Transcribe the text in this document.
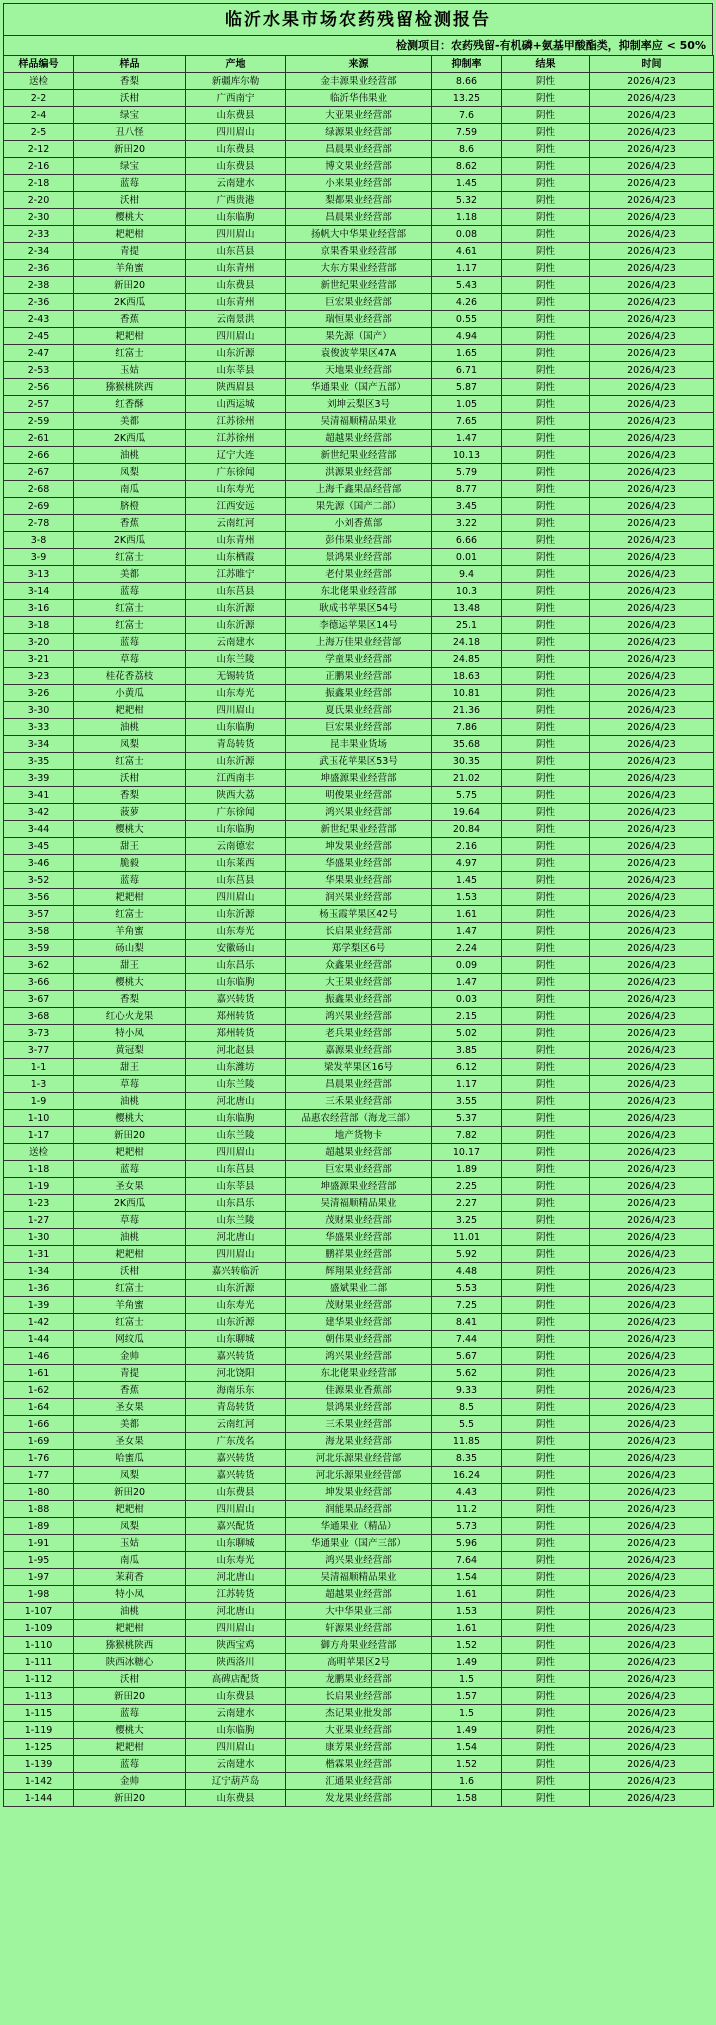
临沂水果市场农药残留检测报告
检测项目：农药残留-有机磷+氨基甲酸酯类，抑制率应 < 50%
样品编号	样品	产地	来源	抑制率	结果	时间
送检	香梨	新疆库尔勒	金丰源果业经营部	8.66	阴性	2026/4/23
2-2	沃柑	广西南宁	临沂华伟果业	13.25	阴性	2026/4/23
2-4	绿宝	山东费县	大亚果业经营部	7.6	阴性	2026/4/23
2-5	丑八怪	四川眉山	绿源果业经营部	7.59	阴性	2026/4/23
2-12	新田20	山东费县	昌晨果业经营部	8.6	阴性	2026/4/23
2-16	绿宝	山东费县	博文果业经营部	8.62	阴性	2026/4/23
2-18	蓝莓	云南建水	小来果业经营部	1.45	阴性	2026/4/23
2-20	沃柑	广西贵港	梨都果业经营部	5.32	阴性	2026/4/23
2-30	樱桃大	山东临朐	昌晨果业经营部	1.18	阴性	2026/4/23
2-33	耙耙柑	四川眉山	扬帆大中华果业经营部	0.08	阴性	2026/4/23
2-34	青提	山东莒县	京果香果业经营部	4.61	阴性	2026/4/23
2-36	羊角蜜	山东青州	大东方果业经营部	1.17	阴性	2026/4/23
2-38	新田20	山东费县	新世纪果业经营部	5.43	阴性	2026/4/23
2-36	2K西瓜	山东青州	巨宏果业经营部	4.26	阴性	2026/4/23
2-43	香蕉	云南景洪	瑞恒果业经营部	0.55	阴性	2026/4/23
2-45	耙耙柑	四川眉山	果先源（国产）	4.94	阴性	2026/4/23
2-47	红富士	山东沂源	袁俊波苹果区47A	1.65	阴性	2026/4/23
2-53	玉姑	山东莘县	天地果业经营部	6.71	阴性	2026/4/23
2-56	猕猴桃陕西	陕西眉县	华通果业（国产五部）	5.87	阴性	2026/4/23
2-57	红香酥	山西运城	刘坤云梨区3号	1.05	阴性	2026/4/23
2-59	美都	江苏徐州	吴清福顺精品果业	7.65	阴性	2026/4/23
2-61	2K西瓜	江苏徐州	超越果业经营部	1.47	阴性	2026/4/23
2-66	油桃	辽宁大连	新世纪果业经营部	10.13	阴性	2026/4/23
2-67	凤梨	广东徐闻	洪源果业经营部	5.79	阴性	2026/4/23
2-68	南瓜	山东寿光	上海千鑫果品经营部	8.77	阴性	2026/4/23
2-69	脐橙	江西安远	果先源（国产二部）	3.45	阴性	2026/4/23
2-78	香蕉	云南红河	小刘香蕉部	3.22	阴性	2026/4/23
3-8	2K西瓜	山东青州	彭伟果业经营部	6.66	阴性	2026/4/23
3-9	红富士	山东栖霞	景鸿果业经营部	0.01	阴性	2026/4/23
3-13	美都	江苏睢宁	老付果业经营部	9.4	阴性	2026/4/23
3-14	蓝莓	山东莒县	东北佬果业经营部	10.3	阴性	2026/4/23
3-16	红富士	山东沂源	耿成书苹果区54号	13.48	阴性	2026/4/23
3-18	红富士	山东沂源	李德运苹果区14号	25.1	阴性	2026/4/23
3-20	蓝莓	云南建水	上海万佳果业经营部	24.18	阴性	2026/4/23
3-21	草莓	山东兰陵	学童果业经营部	24.85	阴性	2026/4/23
3-23	桂花香荔枝	无锡转货	正鹏果业经营部	18.63	阴性	2026/4/23
3-26	小黄瓜	山东寿光	振鑫果业经营部	10.81	阴性	2026/4/23
3-30	耙耙柑	四川眉山	夏氏果业经营部	21.36	阴性	2026/4/23
3-33	油桃	山东临朐	巨宏果业经营部	7.86	阴性	2026/4/23
3-34	凤梨	青岛转货	昆丰果业货场	35.68	阴性	2026/4/23
3-35	红富士	山东沂源	武玉花苹果区53号	30.35	阴性	2026/4/23
3-39	沃柑	江西南丰	坤盛源果业经营部	21.02	阴性	2026/4/23
3-41	香梨	陕西大荔	明俊果业经营部	5.75	阴性	2026/4/23
3-42	菠萝	广东徐闻	鸿兴果业经营部	19.64	阴性	2026/4/23
3-44	樱桃大	山东临朐	新世纪果业经营部	20.84	阴性	2026/4/23
3-45	甜王	云南德宏	坤发果业经营部	2.16	阴性	2026/4/23
3-46	脆毅	山东莱西	华盛果业经营部	4.97	阴性	2026/4/23
3-52	蓝莓	山东莒县	华果果业经营部	1.45	阴性	2026/4/23
3-56	耙耙柑	四川眉山	润兴果业经营部	1.53	阴性	2026/4/23
3-57	红富士	山东沂源	杨玉霞苹果区42号	1.61	阴性	2026/4/23
3-58	羊角蜜	山东寿光	长启果业经营部	1.47	阴性	2026/4/23
3-59	砀山梨	安徽砀山	郑学梨区6号	2.24	阴性	2026/4/23
3-62	甜王	山东昌乐	众鑫果业经营部	0.09	阴性	2026/4/23
3-66	樱桃大	山东临朐	大王果业经营部	1.47	阴性	2026/4/23
3-67	香梨	嘉兴转货	振鑫果业经营部	0.03	阴性	2026/4/23
3-68	红心火龙果	郑州转货	鸿兴果业经营部	2.15	阴性	2026/4/23
3-73	特小凤	郑州转货	老兵果业经营部	5.02	阴性	2026/4/23
3-77	黄冠梨	河北赵县	嘉源果业经营部	3.85	阴性	2026/4/23
1-1	甜王	山东潍坊	梁发苹果区16号	6.12	阴性	2026/4/23
1-3	草莓	山东兰陵	昌晨果业经营部	1.17	阴性	2026/4/23
1-9	油桃	河北唐山	三禾果业经营部	3.55	阴性	2026/4/23
1-10	樱桃大	山东临朐	品惠农经营部（海龙三部）	5.37	阴性	2026/4/23
1-17	新田20	山东兰陵	地产货物卡	7.82	阴性	2026/4/23
送检	耙耙柑	四川眉山	超越果业经营部	10.17	阴性	2026/4/23
1-18	蓝莓	山东莒县	巨宏果业经营部	1.89	阴性	2026/4/23
1-19	圣女果	山东莘县	坤盛源果业经营部	2.25	阴性	2026/4/23
1-23	2K西瓜	山东昌乐	吴清福顺精品果业	2.27	阴性	2026/4/23
1-27	草莓	山东兰陵	茂财果业经营部	3.25	阴性	2026/4/23
1-30	油桃	河北唐山	华盛果业经营部	11.01	阴性	2026/4/23
1-31	耙耙柑	四川眉山	鹏祥果业经营部	5.92	阴性	2026/4/23
1-34	沃柑	嘉兴转临沂	辉翔果业经营部	4.48	阴性	2026/4/23
1-36	红富士	山东沂源	盛斌果业二部	5.53	阴性	2026/4/23
1-39	羊角蜜	山东寿光	茂财果业经营部	7.25	阴性	2026/4/23
1-42	红富士	山东沂源	建华果业经营部	8.41	阴性	2026/4/23
1-44	网纹瓜	山东聊城	朝伟果业经营部	7.44	阴性	2026/4/23
1-46	金帅	嘉兴转货	鸿兴果业经营部	5.67	阴性	2026/4/23
1-61	青提	河北饶阳	东北佬果业经营部	5.62	阴性	2026/4/23
1-62	香蕉	海南乐东	佳源果业香蕉部	9.33	阴性	2026/4/23
1-64	圣女果	青岛转货	景鸿果业经营部	8.5	阴性	2026/4/23
1-66	美都	云南红河	三禾果业经营部	5.5	阴性	2026/4/23
1-69	圣女果	广东茂名	海龙果业经营部	11.85	阴性	2026/4/23
1-76	哈蜜瓜	嘉兴转货	河北乐源果业经营部	8.35	阴性	2026/4/23
1-77	凤梨	嘉兴转货	河北乐源果业经营部	16.24	阴性	2026/4/23
1-80	新田20	山东费县	坤发果业经营部	4.43	阴性	2026/4/23
1-88	耙耙柑	四川眉山	润能果品经营部	11.2	阴性	2026/4/23
1-89	凤梨	嘉兴配货	华通果业（精品）	5.73	阴性	2026/4/23
1-91	玉姑	山东聊城	华通果业（国产三部）	5.96	阴性	2026/4/23
1-95	南瓜	山东寿光	鸿兴果业经营部	7.64	阴性	2026/4/23
1-97	茉莉香	河北唐山	吴清福顺精品果业	1.54	阴性	2026/4/23
1-98	特小凤	江苏转货	超越果业经营部	1.61	阴性	2026/4/23
1-107	油桃	河北唐山	大中华果业三部	1.53	阴性	2026/4/23
1-109	耙耙柑	四川眉山	轩源果业经营部	1.61	阴性	2026/4/23
1-110	猕猴桃陕西	陕西宝鸡	御方舟果业经营部	1.52	阴性	2026/4/23
1-111	陕西冰糖心	陕西洛川	高明苹果区2号	1.49	阴性	2026/4/23
1-112	沃柑	高碑店配货	龙鹏果业经营部	1.5	阴性	2026/4/23
1-113	新田20	山东费县	长启果业经营部	1.57	阴性	2026/4/23
1-115	蓝莓	云南建水	杰记果业批发部	1.5	阴性	2026/4/23
1-119	樱桃大	山东临朐	大亚果业经营部	1.49	阴性	2026/4/23
1-125	耙耙柑	四川眉山	康芳果业经营部	1.54	阴性	2026/4/23
1-139	蓝莓	云南建水	楷霖果业经营部	1.52	阴性	2026/4/23
1-142	金帅	辽宁葫芦岛	汇通果业经营部	1.6	阴性	2026/4/23
1-144	新田20	山东费县	发龙果业经营部	1.58	阴性	2026/4/23
